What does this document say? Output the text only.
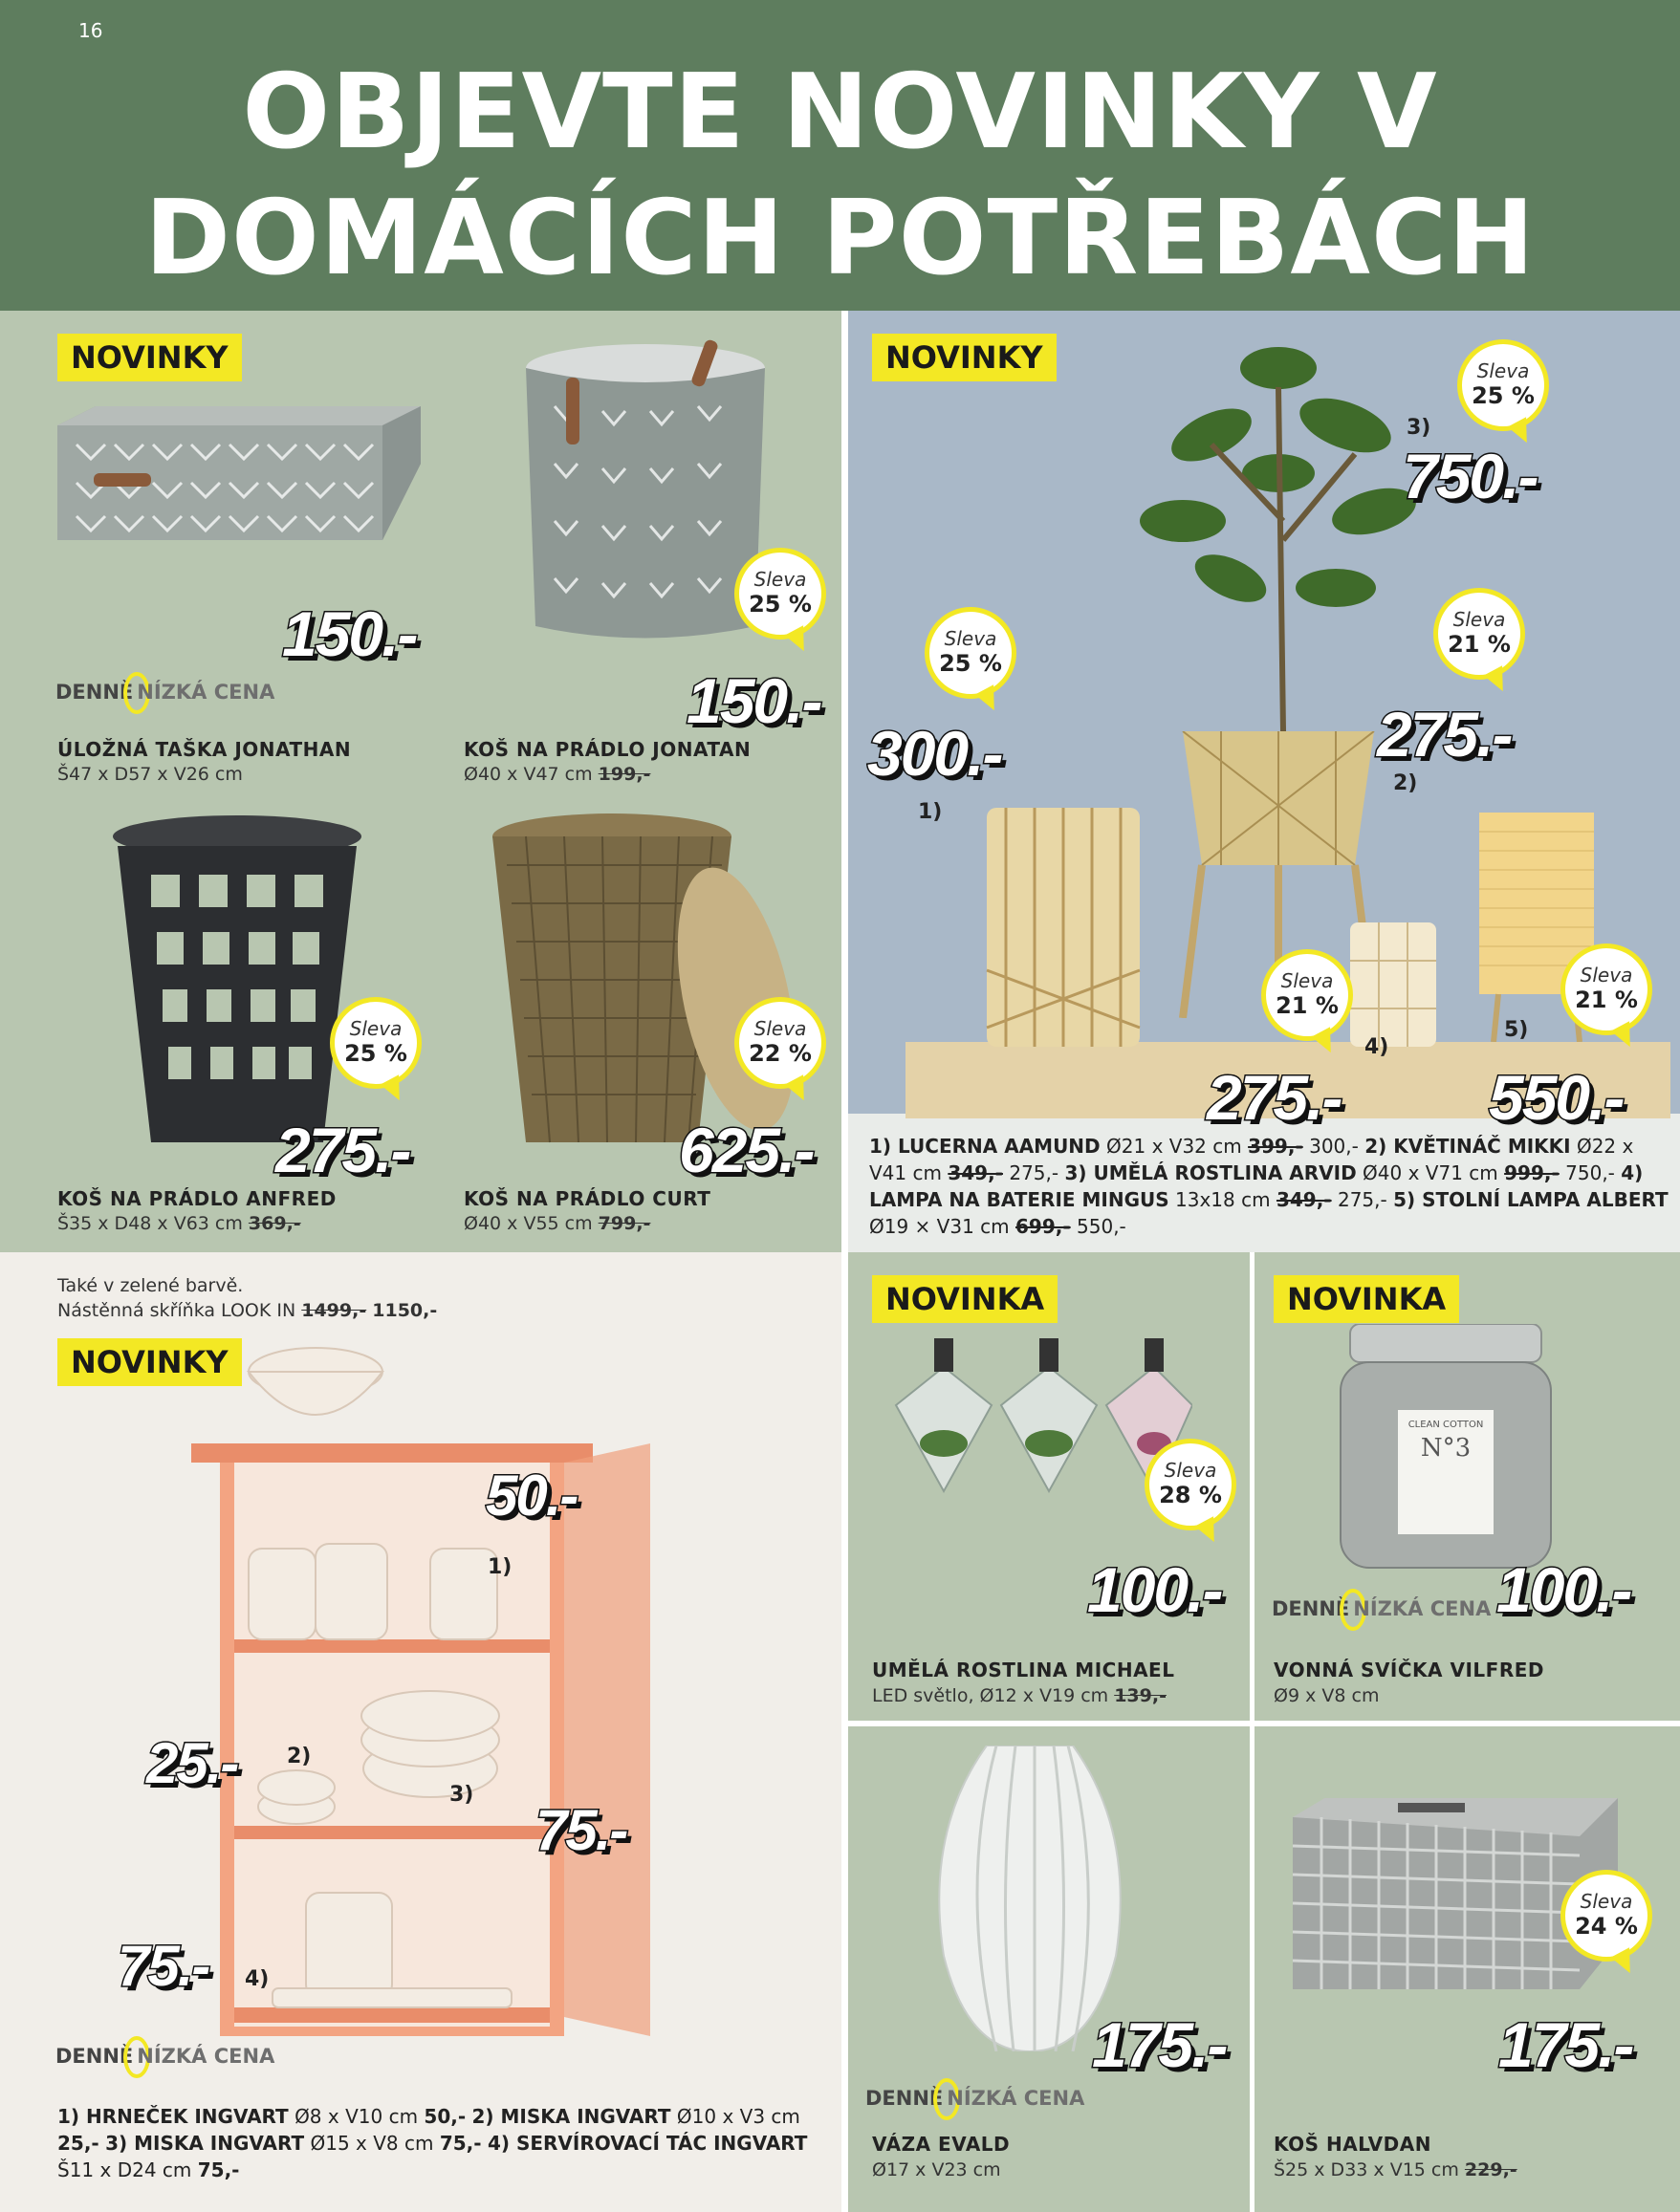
16
OBJEVTE NOVINKY V
DOMÁCÍCH POTŘEBÁCH
NOVINKY
150.-
DENNĚ NÍZKÁ CENA
ÚLOŽNÁ TAŠKA JONATHAN
Š47 x D57 x V26 cm
Sleva
25 %
150.-
KOŠ NA PRÁDLO JONATAN
Ø40 x V47 cm 199,-
Sleva
25 %
275.-
KOŠ NA PRÁDLO ANFRED
Š35 x D48 x V63 cm 369,-
Sleva
22 %
625.-
KOŠ NA PRÁDLO CURT
Ø40 x V55 cm 799,-
NOVINKY	Sleva
25 %
3)
750.-
Sleva
21 %
275.-
2)
Sleva
25 %
300.-
1)
Sleva
21 %
4)
275.-
Sleva
21 %
5)
550.-
1) LUCERNA AAMUND Ø21 x V32 cm 399,- 300,- 2) KVĚTINÁČ MIKKI Ø22 x V41 cm 349,- 275,- 3) UMĚLÁ ROSTLINA ARVID Ø40 x V71 cm 999,- 750,- 4) LAMPA NA BATERIE MINGUS 13x18 cm 349,- 275,- 5) STOLNÍ LAMPA ALBERT Ø19 × V31 cm 699,- 550,-
Také v zelené barvě.
Nástěnná skříňka LOOK IN 1499,- 1150,-
NOVINKY
50.-
1)
25.- 2)
3)
75.-
75.- 4)
DENNĚ NÍZKÁ CENA
1) HRNEČEK INGVART Ø8 x V10 cm 50,- 2) MISKA INGVART Ø10 x V3 cm 25,- 3) MISKA INGVART Ø15 x V8 cm 75,- 4) SERVÍROVACÍ TÁC INGVART Š11 x D24 cm 75,-
NOVINKA
Sleva
28 %
100.-
UMĚLÁ ROSTLINA MICHAEL
LED světlo, Ø12 x V19 cm 139,-
NOVINKA
CLEAN COTTON
N°3
DENNĚ NÍZKÁ CENA 100.-
VONNÁ SVÍČKA VILFRED
Ø9 x V8 cm
175.-
DENNĚ NÍZKÁ CENA
VÁZA EVALD
Ø17 x V23 cm
Sleva
24 %
175.-
KOŠ HALVDAN
Š25 x D33 x V15 cm 229,-
